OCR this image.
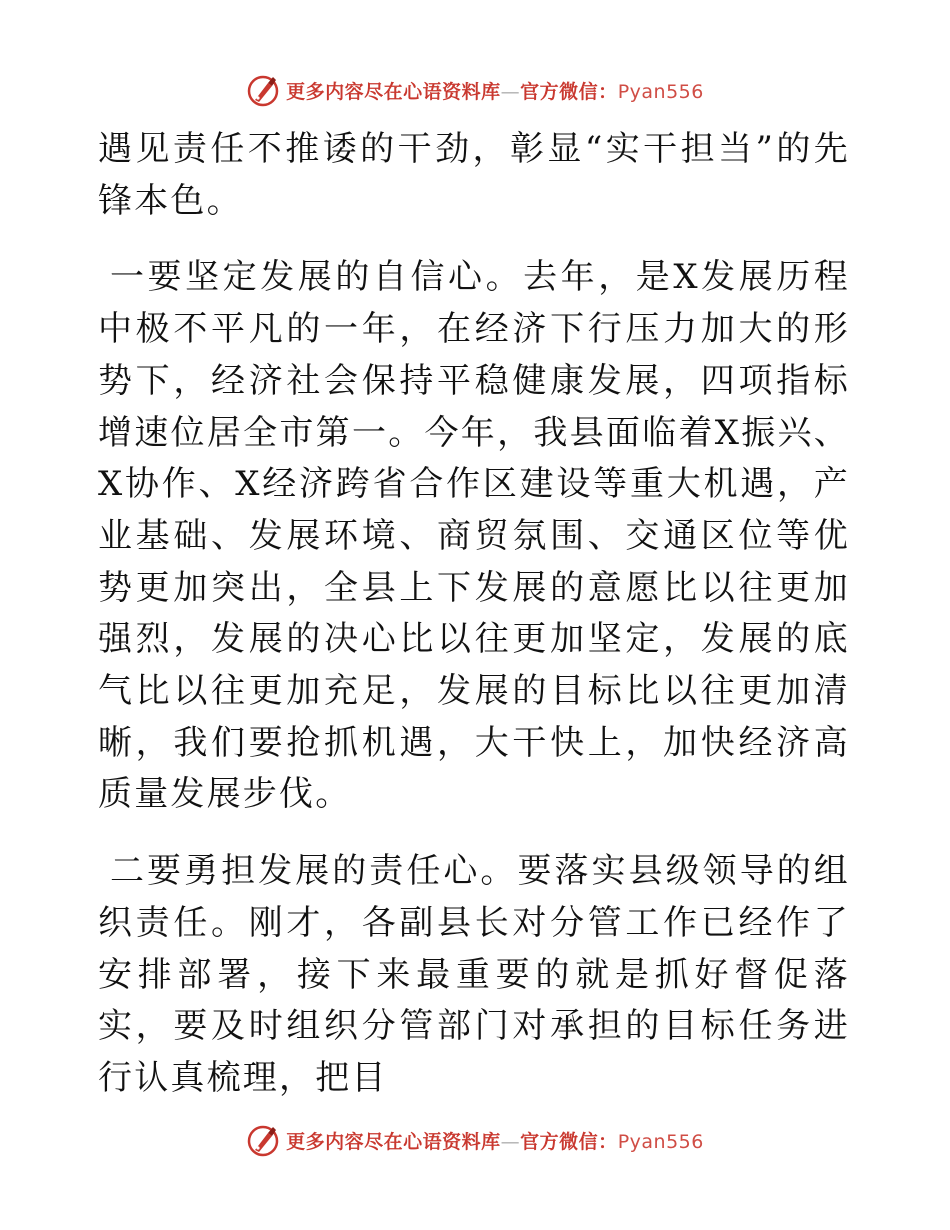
更多内容尽在心语资料库—官方微信：Pyan556

遇见责任不推诿的干劲，彰显“实干担当”的先锋本色。

一要坚定发展的自信心。去年，是X发展历程中极不平凡的一年，在经济下行压力加大的形势下，经济社会保持平稳健康发展，四项指标增速位居全市第一。今年，我县面临着X振兴、X协作、X经济跨省合作区建设等重大机遇，产业基础、发展环境、商贸氛围、交通区位等优势更加突出，全县上下发展的意愿比以往更加强烈，发展的决心比以往更加坚定，发展的底气比以往更加充足，发展的目标比以往更加清晰，我们要抢抓机遇，大干快上，加快经济高质量发展步伐。

二要勇担发展的责任心。要落实县级领导的组织责任。刚才，各副县长对分管工作已经作了安排部署，接下来最重要的就是抓好督促落实，要及时组织分管部门对承担的目标任务进行认真梳理，把目

更多内容尽在心语资料库—官方微信：Pyan556
